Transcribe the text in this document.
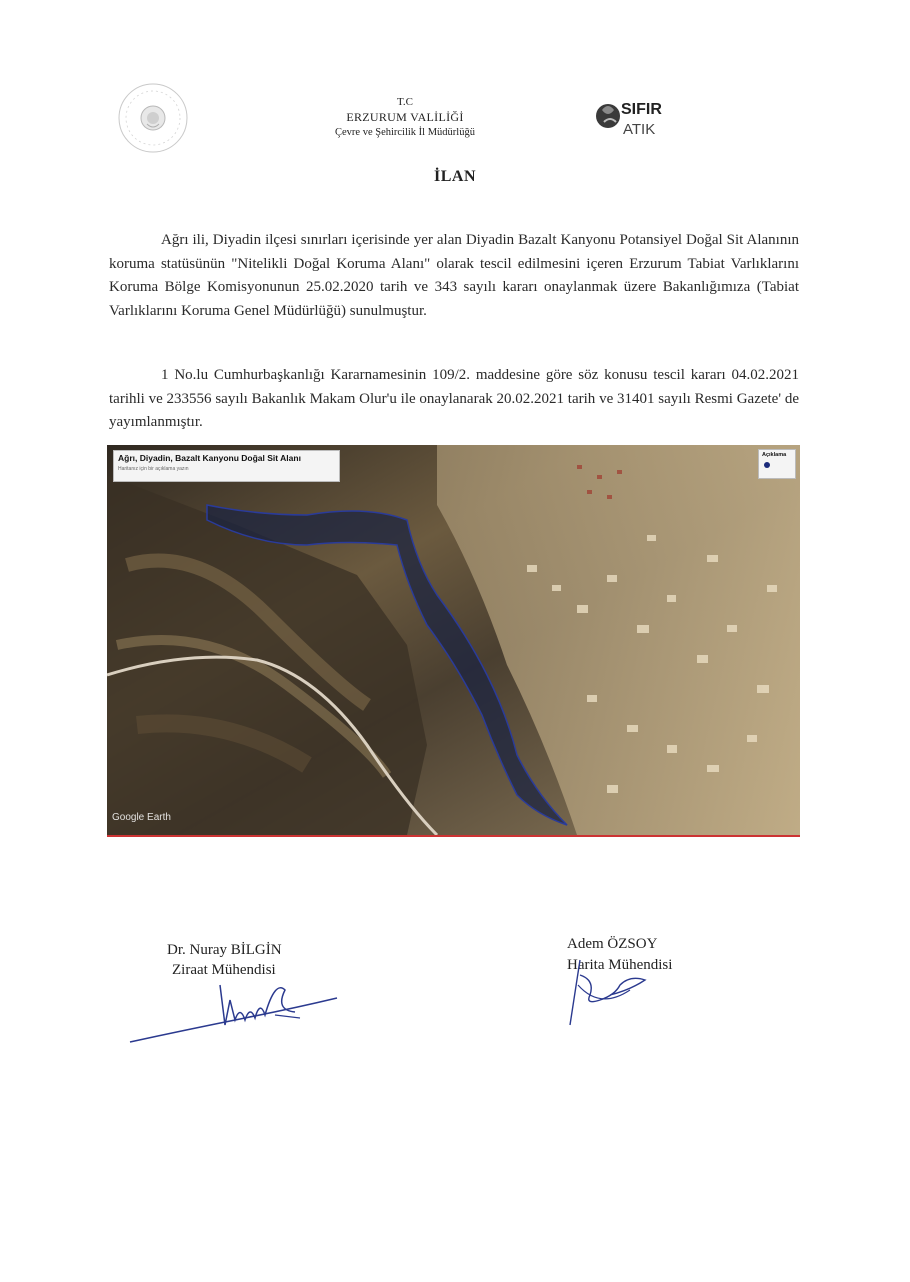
T.C
ERZURUM VALİLİĞİ
Çevre ve Şehircilik İl Müdürlüğü
SIFIR
ATIK
İLAN
Ağrı ili, Diyadin ilçesi sınırları içerisinde yer alan Diyadin Bazalt Kanyonu Potansiyel Doğal Sit Alanının koruma statüsünün "Nitelikli Doğal Koruma Alanı" olarak tescil edilmesini içeren Erzurum Tabiat Varlıklarını Koruma Bölge Komisyonunun 25.02.2020 tarih ve 343 sayılı kararı onaylanmak üzere Bakanlığımıza (Tabiat Varlıklarını Koruma Genel Müdürlüğü) sunulmuştur.
1 No.lu Cumhurbaşkanlığı Kararnamesinin 109/2. maddesine göre söz konusu tescil kararı 04.02.2021 tarihli ve 233556 sayılı Bakanlık Makam Olur'u ile onaylanarak 20.02.2021 tarih ve 31401 sayılı Resmi Gazete' de yayımlanmıştır.
Ağrı, Diyadin, Bazalt Kanyonu Doğal Sit Alanı
Haritanız için bir açıklama yazın
Açıklama
Google Earth
Dr. Nuray BİLGİN
Ziraat Mühendisi
Adem ÖZSOY
Harita Mühendisi
